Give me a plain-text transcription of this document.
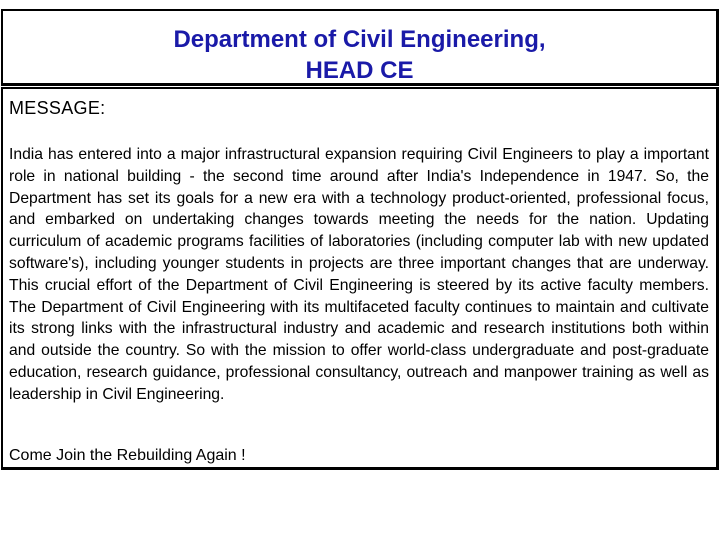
Department of Civil Engineering,
HEAD CE
MESSAGE:
India has entered into a major infrastructural expansion requiring Civil Engineers to play a important role in national building - the second time around after India's Independence in 1947. So, the Department has set its goals for a new era with a technology product-oriented, professional focus, and embarked on undertaking changes towards meeting the needs for the nation. Updating curriculum of academic programs facilities of laboratories (including computer lab with new updated software's), including younger students in projects are three important changes that are underway. This crucial effort of the Department of Civil Engineering is steered by its active faculty members. The Department of Civil Engineering with its multifaceted faculty continues to maintain and cultivate its strong links with the infrastructural industry and academic and research institutions both within and outside the country. So with the mission to offer world-class undergraduate and post-graduate education, research guidance, professional consultancy, outreach and manpower training as well as leadership in Civil Engineering.
Come Join the Rebuilding Again !
